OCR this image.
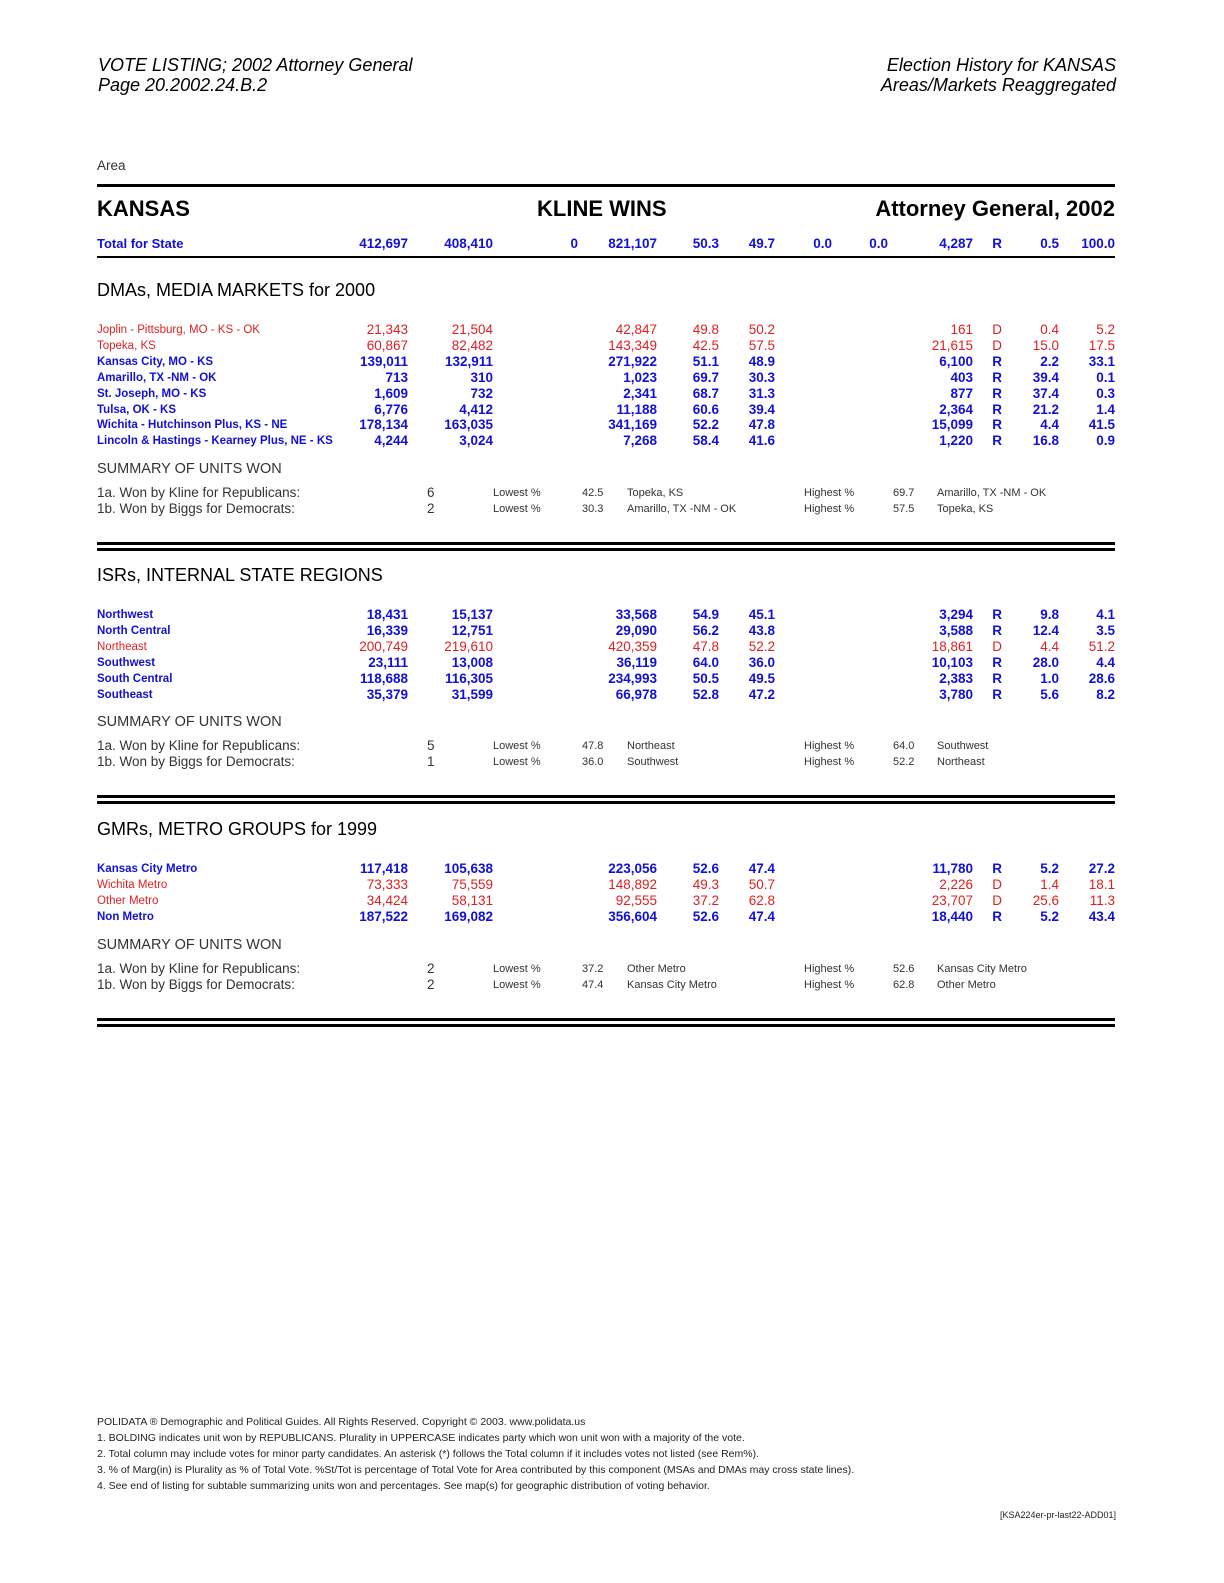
VOTE LISTING; 2002 Attorney General
Page 20.2002.24.B.2
Election History for KANSAS
Areas/Markets Reaggregated
Area
KANSAS	KLINE WINS	Attorney General, 2002
Total for State	412,697	408,410	0 821,107	50.3 49.7	0.0	0.0	4,287 R	0.5 100.0
DMAs, MEDIA MARKETS for 2000
Joplin - Pittsburg, MO - KS - OK	21,343	21,504	42,847	49.8 50.2	161 D	0.4	5.2
Topeka, KS	60,867	82,482	143,349	42.5 57.5	21,615 D 15.0 17.5
Kansas City, MO - KS	139,011	132,911	271,922	51.1 48.9	6,100 R	2.2 33.1
Amarillo, TX -NM - OK	713	310	1,023	69.7 30.3	403 R 39.4	0.1
St. Joseph, MO - KS	1,609	732	2,341	68.7 31.3	877 R 37.4	0.3
Tulsa, OK - KS	6,776	4,412	11,188	60.6 39.4	2,364 R 21.2	1.4
Wichita - Hutchinson Plus, KS - NE	178,134	163,035	341,169	52.2 47.8	15,099 R	4.4 41.5
Lincoln & Hastings - Kearney Plus, NE - KS	4,244	3,024	7,268	58.4 41.6	1,220 R 16.8	0.9
SUMMARY OF UNITS WON
1a. Won by Kline for Republicans:	6	Lowest %	42.5 Topeka, KS	Highest %	69.7 Amarillo, TX -NM - OK
1b. Won by Biggs for Democrats:	2	Lowest %	30.3 Amarillo, TX -NM - OK	Highest %	57.5 Topeka, KS
ISRs, INTERNAL STATE REGIONS
Northwest	18,431	15,137	33,568	54.9 45.1	3,294 R	9.8	4.1
North Central	16,339	12,751	29,090	56.2 43.8	3,588 R 12.4	3.5
Northeast	200,749	219,610	420,359	47.8 52.2	18,861 D	4.4 51.2
Southwest	23,111	13,008	36,119	64.0 36.0	10,103 R 28.0	4.4
South Central	118,688	116,305	234,993	50.5 49.5	2,383 R	1.0 28.6
Southeast	35,379	31,599	66,978	52.8 47.2	3,780 R	5.6	8.2
SUMMARY OF UNITS WON
1a. Won by Kline for Republicans:	5	Lowest %	47.8 Northeast	Highest %	64.0 Southwest
1b. Won by Biggs for Democrats:	1	Lowest %	36.0 Southwest	Highest %	52.2 Northeast
GMRs, METRO GROUPS for 1999
Kansas City Metro	117,418	105,638	223,056	52.6 47.4	11,780 R	5.2 27.2
Wichita Metro	73,333	75,559	148,892	49.3 50.7	2,226 D	1.4 18.1
Other Metro	34,424	58,131	92,555	37.2 62.8	23,707 D 25.6 11.3
Non Metro	187,522	169,082	356,604	52.6 47.4	18,440 R	5.2 43.4
SUMMARY OF UNITS WON
1a. Won by Kline for Republicans:	2	Lowest %	37.2 Other Metro	Highest %	52.6 Kansas City Metro
1b. Won by Biggs for Democrats:	2	Lowest %	47.4 Kansas City Metro	Highest %	62.8 Other Metro
POLIDATA ® Demographic and Political Guides. All Rights Reserved. Copyright © 2003. www.polidata.us
1. BOLDING indicates unit won by REPUBLICANS. Plurality in UPPERCASE indicates party which won unit won with a majority of the vote.
2. Total column may include votes for minor party candidates. An asterisk (*) follows the Total column if it includes votes not listed (see Rem%).
3. % of Marg(in) is Plurality as % of Total Vote. %St/Tot is percentage of Total Vote for Area contributed by this component (MSAs and DMAs may cross state lines).
4. See end of listing for subtable summarizing units won and percentages. See map(s) for geographic distribution of voting behavior.
[KSA224er-pr-last22-ADD01]
